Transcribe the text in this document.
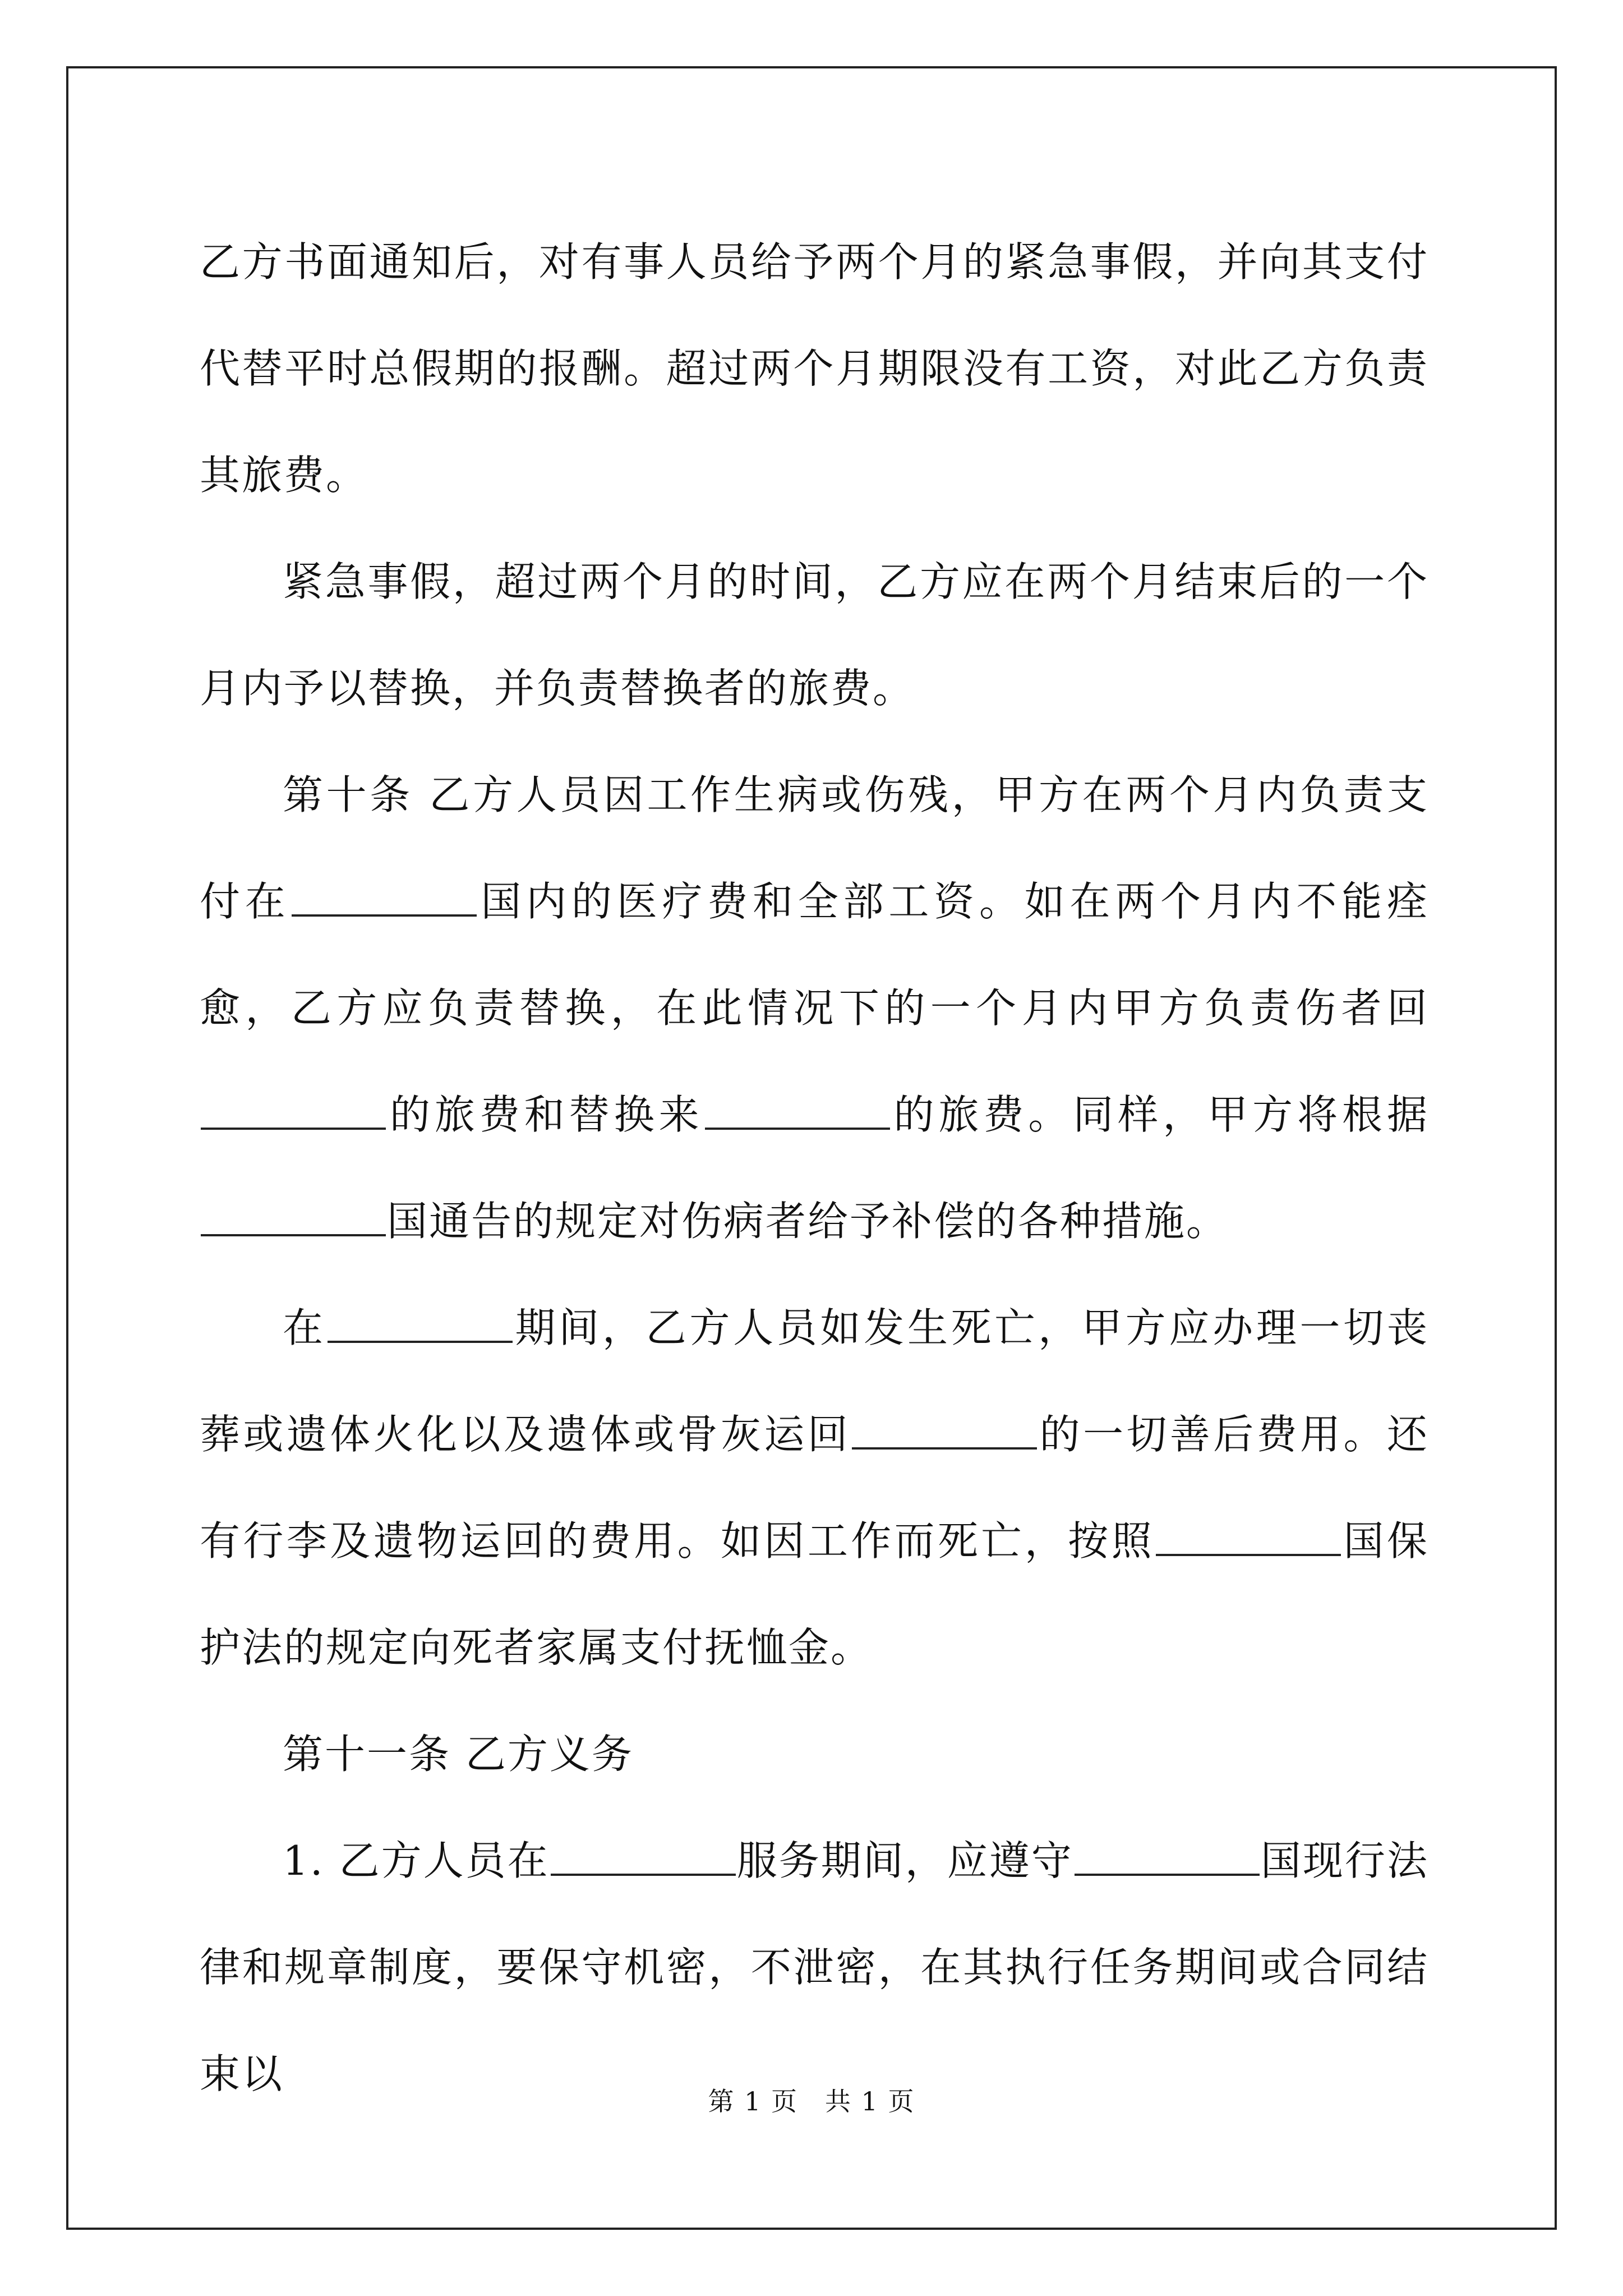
乙方书面通知后，对有事人员给予两个月的紧急事假，并向其支付代替平时总假期的报酬。超过两个月期限没有工资，对此乙方负责其旅费。

紧急事假，超过两个月的时间，乙方应在两个月结束后的一个月内予以替换，并负责替换者的旅费。

第十条 乙方人员因工作生病或伤残，甲方在两个月内负责支付在	国内的医疗费和全部工资。如在两个月内不能痊愈，乙方应负责替换，在此情况下的一个月内甲方负责伤者回的旅费和替换来	的旅费。同样，甲方将根据国通告的规定对伤病者给予补偿的各种措施。

在	期间，乙方人员如发生死亡，甲方应办理一切丧葬或遗体火化以及遗体或骨灰运回	的一切善后费用。还有行李及遗物运回的费用。如因工作而死亡，按照	国保护法的规定向死者家属支付抚恤金。

第十一条 乙方义务

1. 乙方人员在	服务期间，应遵守	国现行法律和规章制度，要保守机密，不泄密，在其执行任务期间或合同结束以

第 1 页　共 1 页
